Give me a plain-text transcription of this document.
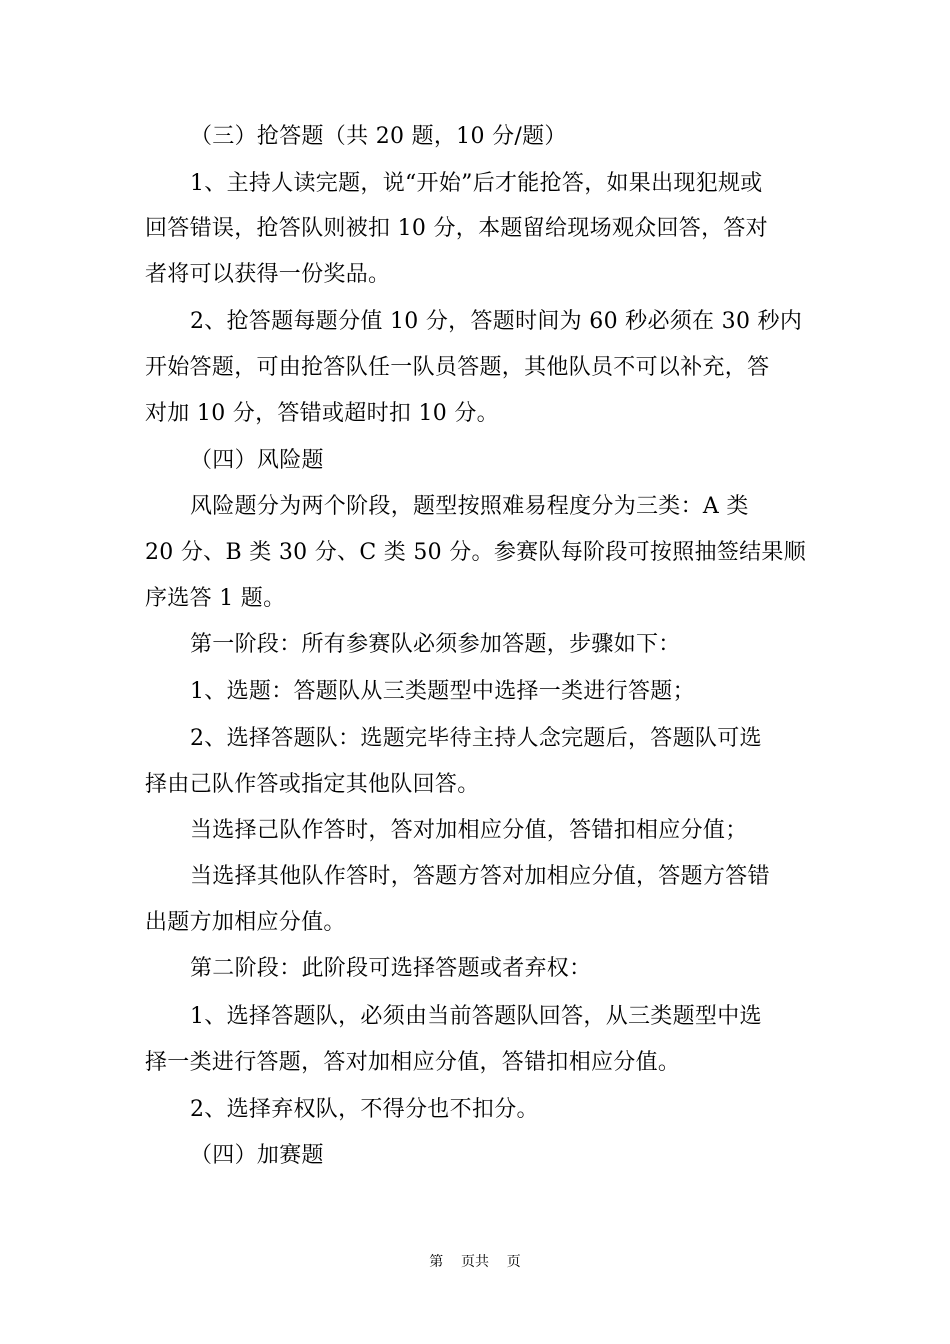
（三）抢答题（共 20 题，10 分/题）
1、主持人读完题，说“开始”后才能抢答，如果出现犯规或
回答错误，抢答队则被扣 10 分，本题留给现场观众回答，答对
者将可以获得一份奖品。
2、抢答题每题分值 10 分，答题时间为 60 秒必须在 30 秒内
开始答题，可由抢答队任一队员答题，其他队员不可以补充，答
对加 10 分，答错或超时扣 10 分。
（四）风险题
风险题分为两个阶段，题型按照难易程度分为三类：A 类
20 分、B 类 30 分、C 类 50 分。参赛队每阶段可按照抽签结果顺
序选答 1 题。
第一阶段：所有参赛队必须参加答题，步骤如下：
1、选题：答题队从三类题型中选择一类进行答题；
2、选择答题队：选题完毕待主持人念完题后，答题队可选
择由己队作答或指定其他队回答。
当选择己队作答时，答对加相应分值，答错扣相应分值；
当选择其他队作答时，答题方答对加相应分值，答题方答错
出题方加相应分值。
第二阶段：此阶段可选择答题或者弃权：
1、选择答题队，必须由当前答题队回答，从三类题型中选
择一类进行答题，答对加相应分值，答错扣相应分值。
2、选择弃权队，不得分也不扣分。
（四）加赛题
第    页共    页
